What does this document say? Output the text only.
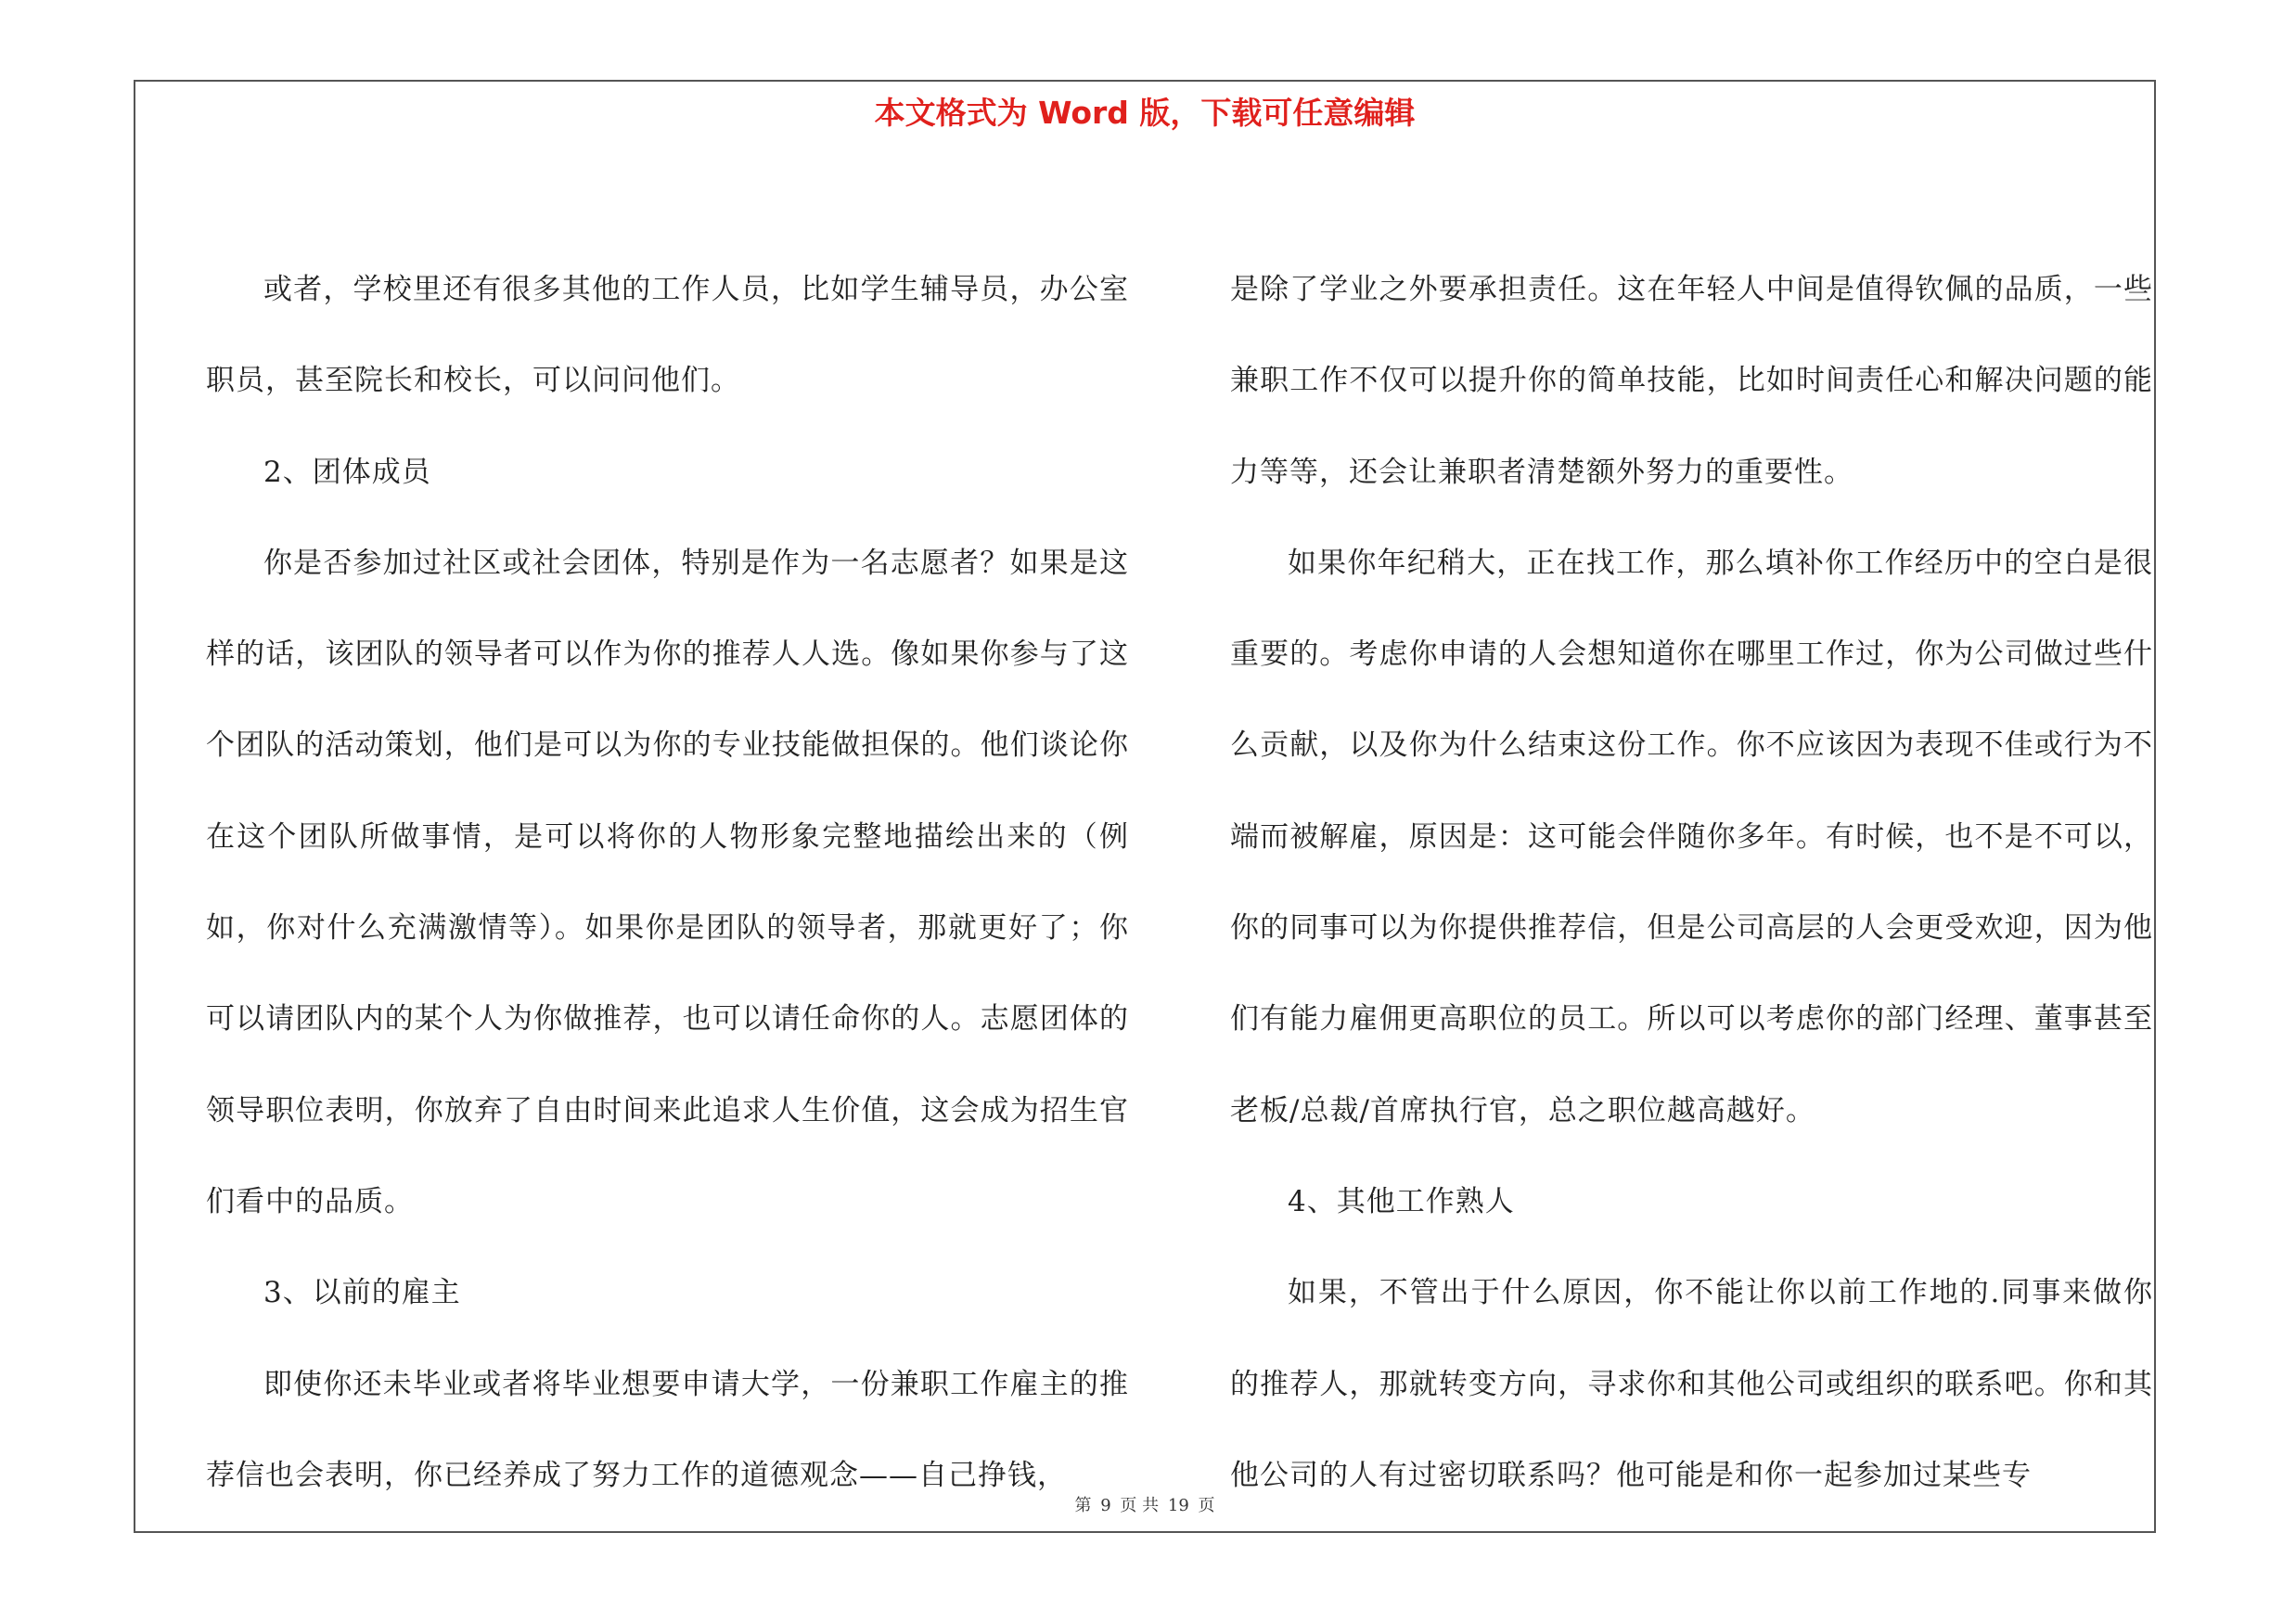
本文格式为 Word 版，下载可任意编辑

或者，学校里还有很多其他的工作人员，比如学生辅导员，办公室职员，甚至院长和校长，可以问问他们。

2、团体成员

你是否参加过社区或社会团体，特别是作为一名志愿者？如果是这样的话，该团队的领导者可以作为你的推荐人人选。像如果你参与了这个团队的活动策划，他们是可以为你的专业技能做担保的。他们谈论你在这个团队所做事情，是可以将你的人物形象完整地描绘出来的（例如，你对什么充满激情等）。如果你是团队的领导者，那就更好了；你可以请团队内的某个人为你做推荐，也可以请任命你的人。志愿团体的领导职位表明，你放弃了自由时间来此追求人生价值，这会成为招生官们看中的品质。

3、以前的雇主

即使你还未毕业或者将毕业想要申请大学，一份兼职工作雇主的推荐信也会表明，你已经养成了努力工作的道德观念——自己挣钱，

是除了学业之外要承担责任。这在年轻人中间是值得钦佩的品质，一些兼职工作不仅可以提升你的简单技能，比如时间责任心和解决问题的能力等等，还会让兼职者清楚额外努力的重要性。

如果你年纪稍大，正在找工作，那么填补你工作经历中的空白是很重要的。考虑你申请的人会想知道你在哪里工作过，你为公司做过些什么贡献，以及你为什么结束这份工作。你不应该因为表现不佳或行为不端而被解雇，原因是：这可能会伴随你多年。有时候，也不是不可以，你的同事可以为你提供推荐信，但是公司高层的人会更受欢迎，因为他们有能力雇佣更高职位的员工。所以可以考虑你的部门经理、董事甚至老板/总裁/首席执行官，总之职位越高越好。

4、其他工作熟人

如果，不管出于什么原因，你不能让你以前工作地的.同事来做你的推荐人，那就转变方向，寻求你和其他公司或组织的联系吧。你和其他公司的人有过密切联系吗？他可能是和你一起参加过某些专

第 9 页 共 19 页
